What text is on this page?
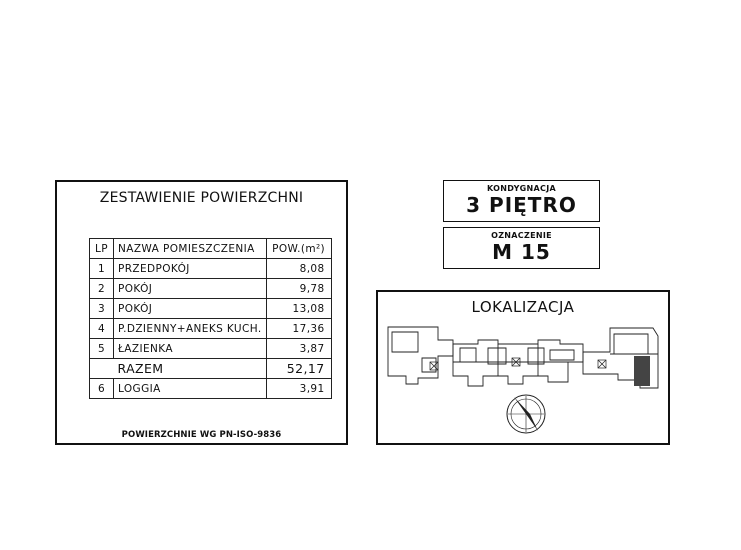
ZESTAWIENIE POWIERZCHNI
LP	NAZWA POMIESZCZENIA	POW.(m²)
1	PRZEDPOKÓJ	8,08
2	POKÓJ	9,78
3	POKÓJ	13,08
4	P.DZIENNY+ANEKS KUCH.	17,36
5	ŁAZIENKA	3,87
	RAZEM	52,17
6	LOGGIA	3,91
POWIERZCHNIE WG PN-ISO-9836
KONDYGNACJA
3 PIĘTRO
OZNACZENIE
M 15
LOKALIZACJA
